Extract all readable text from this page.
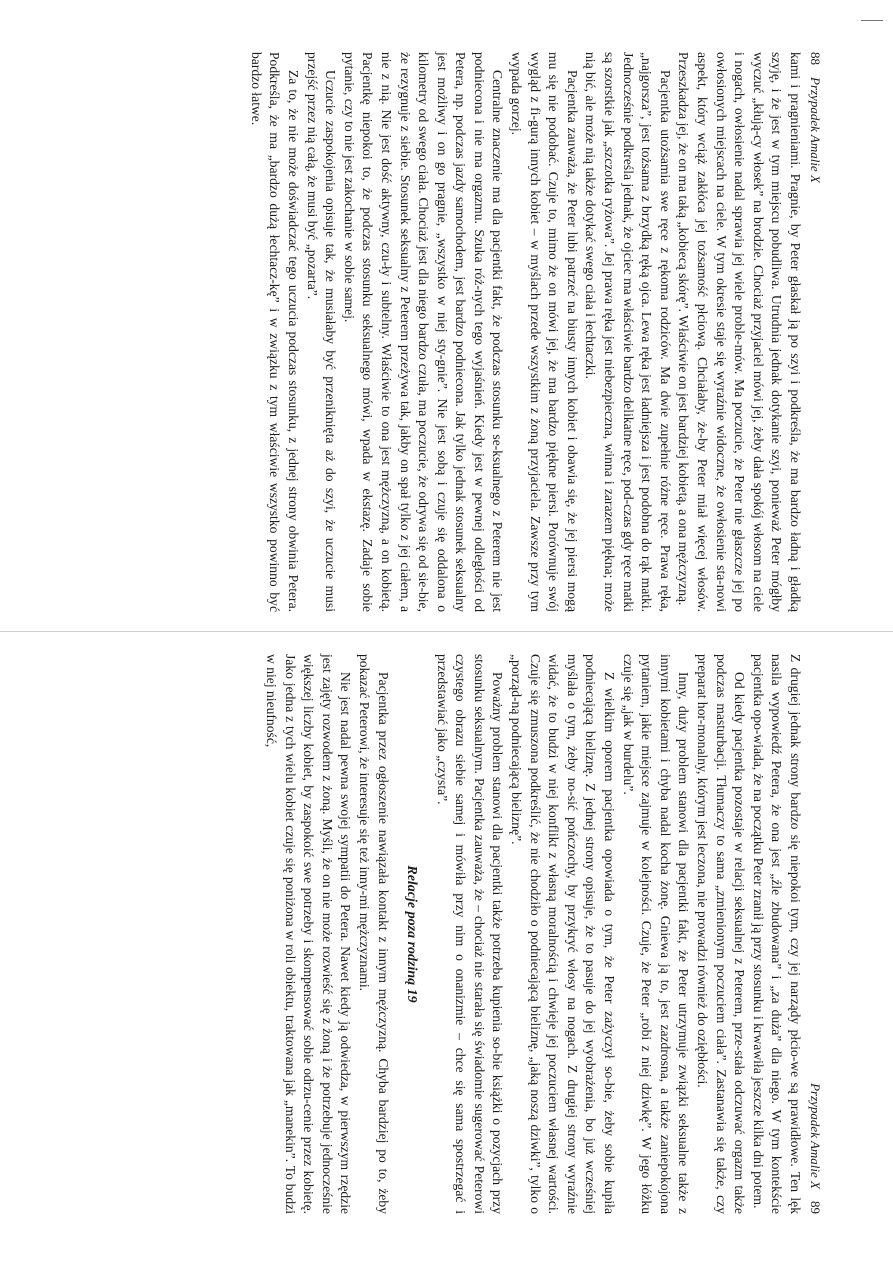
88
Przypadek Amalie X

kami i pragnieniami. Pragnie, by Peter głaskał ją po szyi i podkreśla, że ma bardzo ładną i gładką szyję, i że jest w tym miejscu pobudliwa. Utrudnia jednak dotykanie szyi, ponieważ Peter mógłby wyczuć „kłują-cy włosek” na brodzie. Chociaż przyjaciel mówi jej, żeby dała spokój włosom na ciele i nogach, owłosienie nadal sprawia jej wiele proble-mów. Ma poczucie, że Peter nie głaszcze jej po owłosionych miejscach na ciele. W tym okresie staje się wyraźnie widoczne, że owłosienie sta-nowi aspekt, który wciąż zakłóca jej tożsamość płciową. Chciałaby, że-by Peter miał więcej włosów. Przeszkadza jej, że on ma taką „kobiecą skórę”. Właściwie on jest bardziej kobietą, a ona mężczyzną.

Pacjentka utożsamia swe ręce z rękoma rodziców. Ma dwie zupełnie różne ręce. Prawa ręka, „najgorsza”, jest tożsama z brzydką ręką ojca. Lewa ręka jest ładniejsza i jest podobna do rąk matki. Jednocześnie podkreśla jednak, że ojciec ma właściwie bardzo delikatne ręce, pod-czas gdy ręce matki są szorstkie jak „szczotka ryżowa”. Jej prawa ręka jest niebezpieczna, winna i zarazem piękna; może nią bić, ale może nią także dotykać swego ciała i łechtaczki.

Pacjentka zauważa, że Peter lubi patrzeć na biusty innych kobiet i obawia się, że jej piersi mogą mu się nie podobać. Czuje to, mimo że on mówi jej, że ma bardzo piękne piersi. Porównuje swój wygląd z fi-gurą innych kobiet – w myślach przede wszystkim z żoną przyjaciela. Zawsze przy tym wypada gorzej.

Centralne znaczenie ma dla pacjentki fakt, że podczas stosunku se-ksualnego z Peterem nie jest podniecona i nie ma orgazmu. Szuka róż-nych tego wyjaśnień. Kiedy jest w pewnej odległości od Petera, np. podczas jazdy samochodem, jest bardzo podniecona. Jak tylko jednak stosunek seksualny jest możliwy i on go pragnie, „wszystko w niej sty-gnie”. Nie jest sobą i czuje się oddalona o kilometry od swego ciała. Chociaż jest dla niego bardzo czuła, ma poczucie, że odrywa się od sie-bie, że rezygnuje z siebie. Stosunek seksualny z Peterem przeżywa tak, jakby on spał tylko z jej ciałem, a nie z nią. Nie jest dość aktywny, czu-ły i subtelny. Właściwie to ona jest mężczyzną, a on kobietą. Pacjentkę niepokoi to, że podczas stosunku seksualnego mówi, wpada w ekstazę. Zadaje sobie pytanie, czy to nie jest zakochanie w sobie samej.

Uczucie zaspokojenia opisuje tak, że musiałaby być przeniknięta aż do szyi, że uczucie musi przejść przez nią całą, że musi być „pozarta”.

Za to, że nie może doświadczać tego uczucia podczas stosunku, z jednej strony obwinia Petera. Podkreśla, że ma „bardzo dużą łechtacz-kę” i w związku z tym właściwie wszystko powinno być bardzo łatwe.

Przypadek Amalie X
89

Z drugiej jednak strony bardzo się niepokoi tym, czy jej narządy płcio-we są prawidłowe. Ten lęk nasila wypowiedź Petera, że ona jest „źle zbudowana” i „za duża” dla niego. W tym kontekście pacjentka opo-wiada, że na początku Peter zranił ją przy stosunku i krwawiła jeszcze kilka dni potem.

Od kiedy pacjentka pozostaje w relacji seksualnej z Peterem, prze-stała odczuwać orgazm także podczas masturbacji. Tłumaczy to sama „zmienionym poczuciem ciała”. Zastanawia się także, czy preparat hor-monalny, którym jest leczona, nie prowadzi również do oziębłości.

Inny, duży problem stanowi dla pacjentki fakt, że Peter utrzymuje związki seksualne także z innymi kobietami i chyba nadal kocha żonę. Gniewa ją to, jest zazdrosna, a także zaniepokojona pytaniem, jakie miejsce zajmuje w kolejności. Czuje, że Peter „robi z niej dziwkę”. W jego łóżku czuje się „jak w burdelu”.

Z wielkim oporem pacjentka opowiada o tym, że Peter zażyczył so-bie, żeby sobie kupiła podniecającą bieliznę. Z jednej strony opisuje, że to pasuje do jej wyobrażenia, bo już wcześniej myślała o tym, żeby no-sić pończochy, by przykryć włosy na nogach. Z drugiej strony wyraźnie widać, że to budzi w niej konflikt z własną moralnością i chwieje jej poczuciem własnej wartości. Czuje się zmuszona podkreślić, że nie chodziło o podniecającą bieliznę, „jaką noszą dziwki”, tylko o „porząd-ną podniecającą bieliznę”.

Poważny problem stanowi dla pacjentki także potrzeba kupienia so-bie książki o pozycjach przy stosunku seksualnym. Pacjentka zauważa, że – chociaż nie starała się świadomie sugerować Peterowi czystego obrazu siebie samej i mówiła przy nim o onanizmie – chce się sama spostrzegać i przedstawiać jako „czysta”.

Relacje poza rodziną 19

Pacjentka przez ogłoszenie nawiązała kontakt z innym mężczyzną. Chyba bardziej po to, żeby pokazać Peterowi, że interesuje się też inny-mi mężczyznami.

Nie jest nadal pewna swojej sympatii do Petera. Nawet kiedy ją odwiedza, w pierwszym rzędzie jest zajęty rozwodem z żoną. Myśli, że on nie może rozwieść się z żoną i że potrzebuje jednocześnie większej liczby kobiet, by zaspokoić swe potrzeby i skompensować sobie odrzu-cenie przez kobietę. Jako jedna z tych wielu kobiet czuje się poniżona w roli obiektu, traktowana jak „manekin”. To budzi w niej nieufność,
